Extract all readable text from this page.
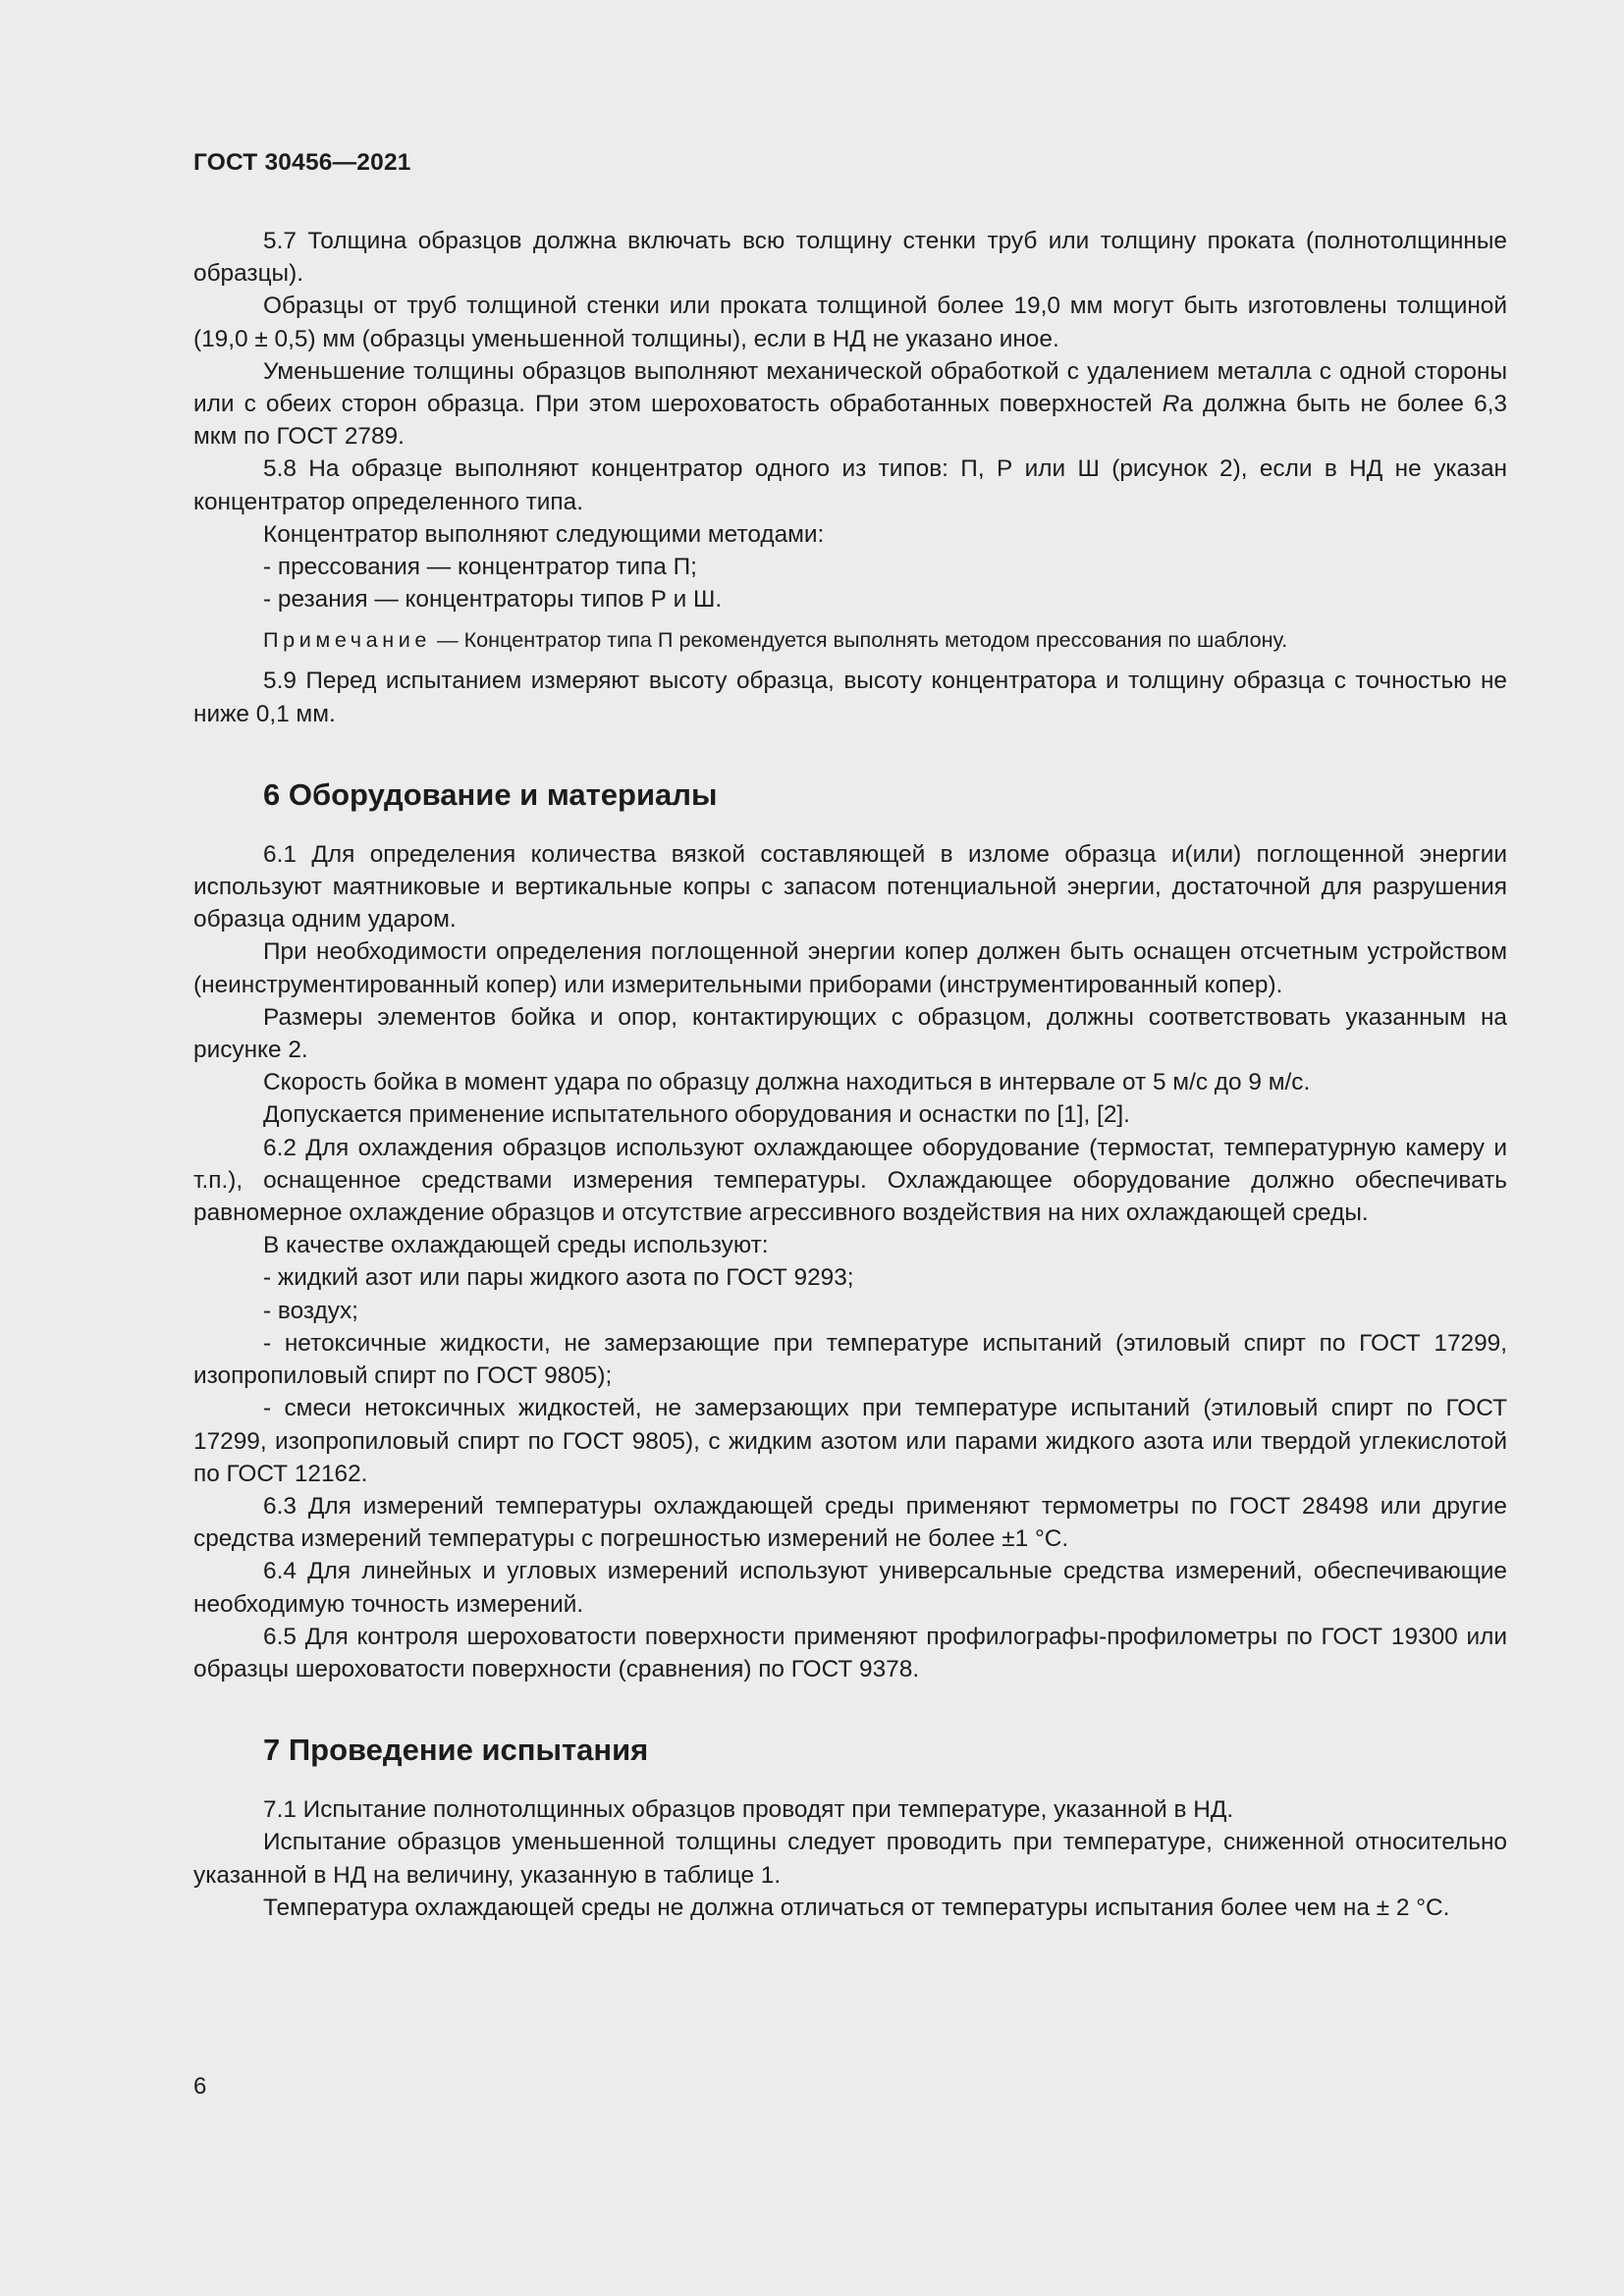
ГОСТ 30456—2021

5.7 Толщина образцов должна включать всю толщину стенки труб или толщину проката (полнотолщинные образцы).

Образцы от труб толщиной стенки или проката толщиной более 19,0 мм могут быть изготовлены толщиной (19,0 ± 0,5) мм (образцы уменьшенной толщины), если в НД не указано иное.

Уменьшение толщины образцов выполняют механической обработкой с удалением металла с одной стороны или с обеих сторон образца. При этом шероховатость обработанных поверхностей Ra должна быть не более 6,3 мкм по ГОСТ 2789.

5.8 На образце выполняют концентратор одного из типов: П, Р или Ш (рисунок 2), если в НД не указан концентратор определенного типа.

Концентратор выполняют следующими методами:

- прессования — концентратор типа П;

- резания — концентраторы типов Р и Ш.

Примечание — Концентратор типа П рекомендуется выполнять методом прессования по шаблону.

5.9 Перед испытанием измеряют высоту образца, высоту концентратора и толщину образца с точностью не ниже 0,1 мм.

6 Оборудование и материалы

6.1 Для определения количества вязкой составляющей в изломе образца и(или) поглощенной энергии используют маятниковые и вертикальные копры с запасом потенциальной энергии, достаточной для разрушения образца одним ударом.

При необходимости определения поглощенной энергии копер должен быть оснащен отсчетным устройством (неинструментированный копер) или измерительными приборами (инструментированный копер).

Размеры элементов бойка и опор, контактирующих с образцом, должны соответствовать указанным на рисунке 2.

Скорость бойка в момент удара по образцу должна находиться в интервале от 5 м/с до 9 м/с.

Допускается применение испытательного оборудования и оснастки по [1], [2].

6.2 Для охлаждения образцов используют охлаждающее оборудование (термостат, температурную камеру и т.п.), оснащенное средствами измерения температуры. Охлаждающее оборудование должно обеспечивать равномерное охлаждение образцов и отсутствие агрессивного воздействия на них охлаждающей среды.

В качестве охлаждающей среды используют:

- жидкий азот или пары жидкого азота по ГОСТ 9293;

- воздух;

- нетоксичные жидкости, не замерзающие при температуре испытаний (этиловый спирт по ГОСТ 17299, изопропиловый спирт по ГОСТ 9805);

- смеси нетоксичных жидкостей, не замерзающих при температуре испытаний (этиловый спирт по ГОСТ 17299, изопропиловый спирт по ГОСТ 9805), с жидким азотом или парами жидкого азота или твердой углекислотой по ГОСТ 12162.

6.3 Для измерений температуры охлаждающей среды применяют термометры по ГОСТ 28498 или другие средства измерений температуры с погрешностью измерений не более ±1 °С.

6.4 Для линейных и угловых измерений используют универсальные средства измерений, обеспечивающие необходимую точность измерений.

6.5 Для контроля шероховатости поверхности применяют профилографы-профилометры по ГОСТ 19300 или образцы шероховатости поверхности (сравнения) по ГОСТ 9378.

7 Проведение испытания

7.1 Испытание полнотолщинных образцов проводят при температуре, указанной в НД.

Испытание образцов уменьшенной толщины следует проводить при температуре, сниженной относительно указанной в НД на величину, указанную в таблице 1.

Температура охлаждающей среды не должна отличаться от температуры испытания более чем на ± 2 °С.

6
